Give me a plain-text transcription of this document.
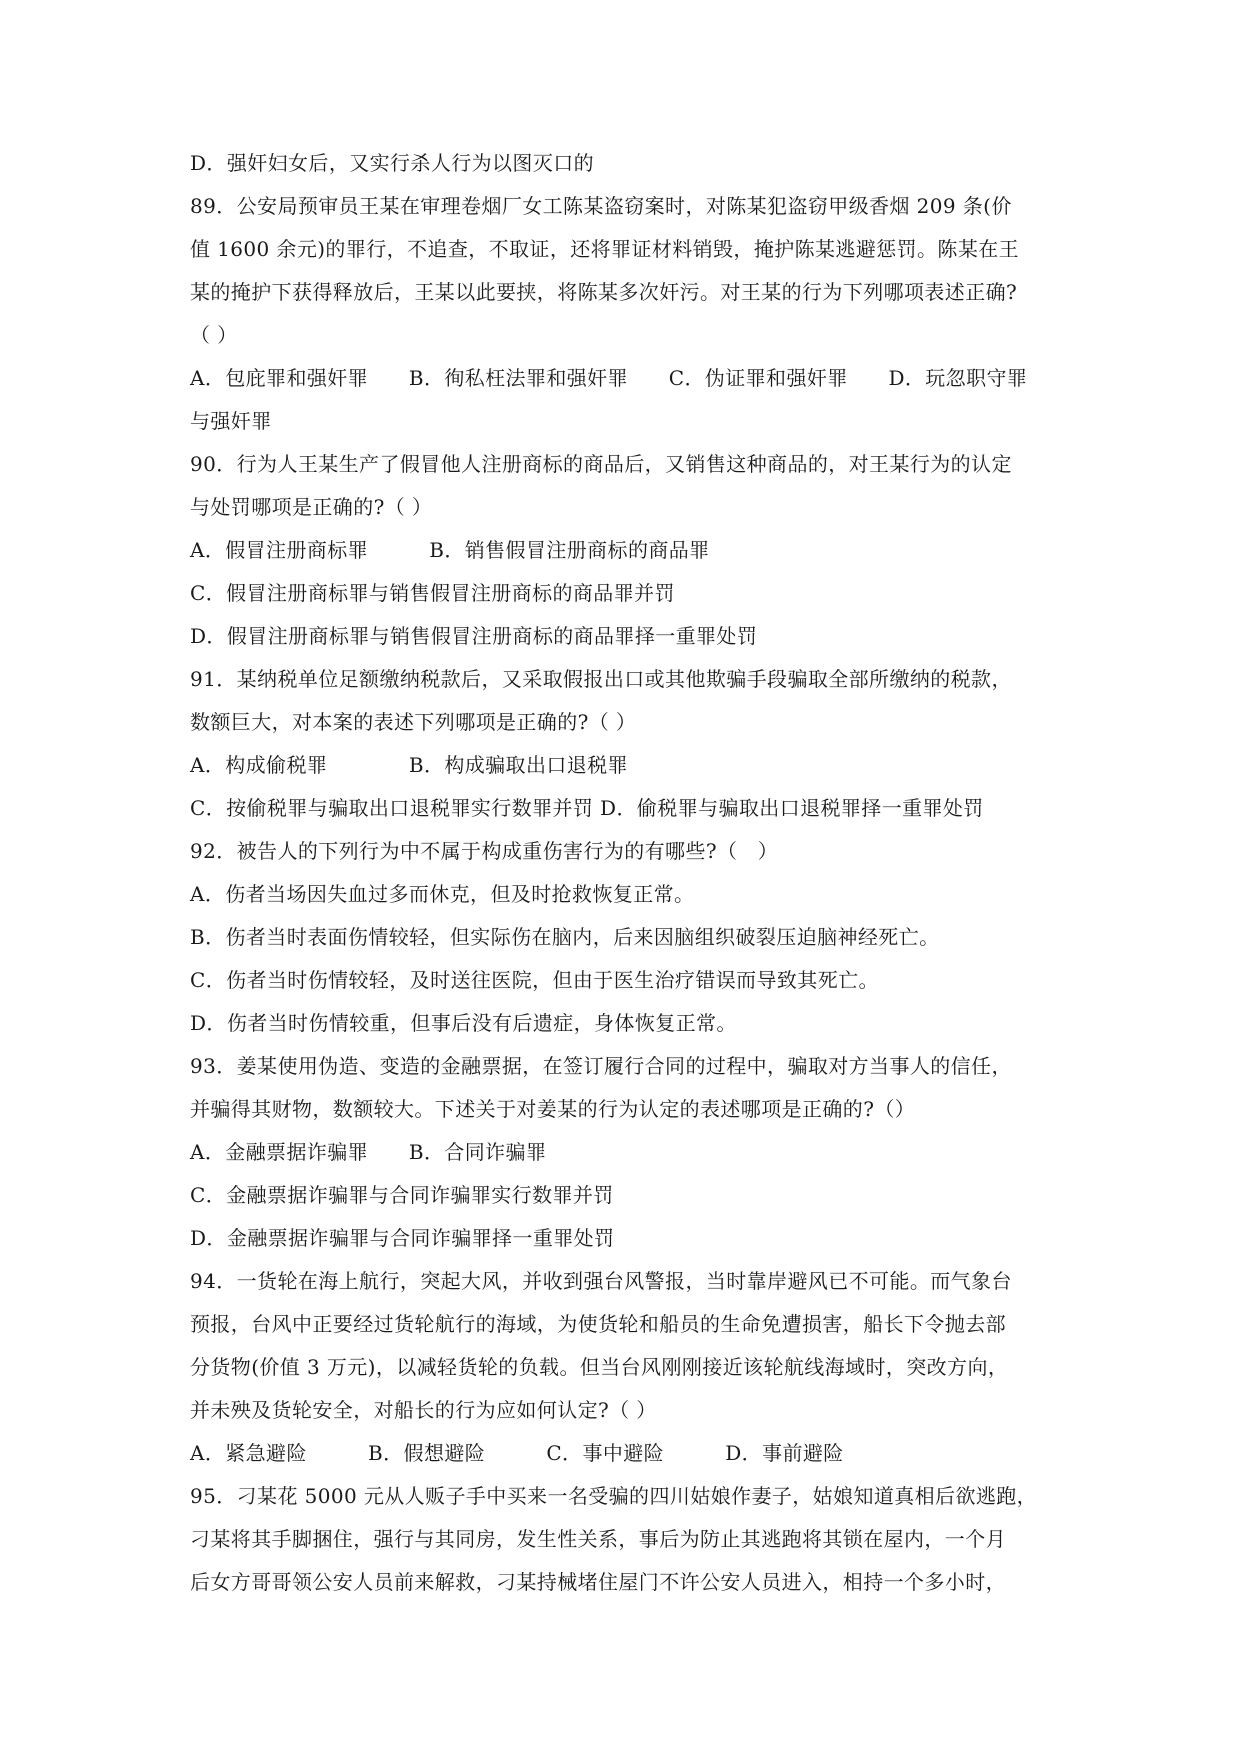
D．强奸妇女后，又实行杀人行为以图灭口的
89．公安局预审员王某在审理卷烟厂女工陈某盗窃案时，对陈某犯盗窃甲级香烟 209 条(价
值 1600 余元)的罪行，不追查，不取证，还将罪证材料销毁，掩护陈某逃避惩罚。陈某在王
某的掩护下获得释放后，王某以此要挟，将陈某多次奸污。对王某的行为下列哪项表述正确?
（ ）
A．包庇罪和强奸罪　　B．徇私枉法罪和强奸罪　　C．伪证罪和强奸罪　　D．玩忽职守罪
与强奸罪
90．行为人王某生产了假冒他人注册商标的商品后，又销售这种商品的，对王某行为的认定
与处罚哪项是正确的?（ ）
A．假冒注册商标罪　　　B．销售假冒注册商标的商品罪
C．假冒注册商标罪与销售假冒注册商标的商品罪并罚
D．假冒注册商标罪与销售假冒注册商标的商品罪择一重罪处罚
91．某纳税单位足额缴纳税款后，又采取假报出口或其他欺骗手段骗取全部所缴纳的税款，
数额巨大，对本案的表述下列哪项是正确的?（ ）
A．构成偷税罪　　　　B．构成骗取出口退税罪
C．按偷税罪与骗取出口退税罪实行数罪并罚 D．偷税罪与骗取出口退税罪择一重罪处罚
92．被告人的下列行为中不属于构成重伤害行为的有哪些?（　）
A．伤者当场因失血过多而休克，但及时抢救恢复正常。
B．伤者当时表面伤情较轻，但实际伤在脑内，后来因脑组织破裂压迫脑神经死亡。
C．伤者当时伤情较轻，及时送往医院，但由于医生治疗错误而导致其死亡。
D．伤者当时伤情较重，但事后没有后遗症，身体恢复正常。
93．姜某使用伪造、变造的金融票据，在签订履行合同的过程中，骗取对方当事人的信任，
并骗得其财物，数额较大。下述关于对姜某的行为认定的表述哪项是正确的?（）
A．金融票据诈骗罪　　B．合同诈骗罪
C．金融票据诈骗罪与合同诈骗罪实行数罪并罚
D．金融票据诈骗罪与合同诈骗罪择一重罪处罚
94．一货轮在海上航行，突起大风，并收到强台风警报，当时靠岸避风已不可能。而气象台
预报，台风中正要经过货轮航行的海域，为使货轮和船员的生命免遭损害，船长下令抛去部
分货物(价值 3 万元)，以减轻货轮的负载。但当台风刚刚接近该轮航线海域时，突改方向，
并未殃及货轮安全，对船长的行为应如何认定?（ ）
A．紧急避险　　　B．假想避险　　　C．事中避险　　　D．事前避险
95．刁某花 5000 元从人贩子手中买来一名受骗的四川姑娘作妻子，姑娘知道真相后欲逃跑，
刁某将其手脚捆住，强行与其同房，发生性关系，事后为防止其逃跑将其锁在屋内，一个月
后女方哥哥领公安人员前来解救，刁某持械堵住屋门不许公安人员进入，相持一个多小时，
